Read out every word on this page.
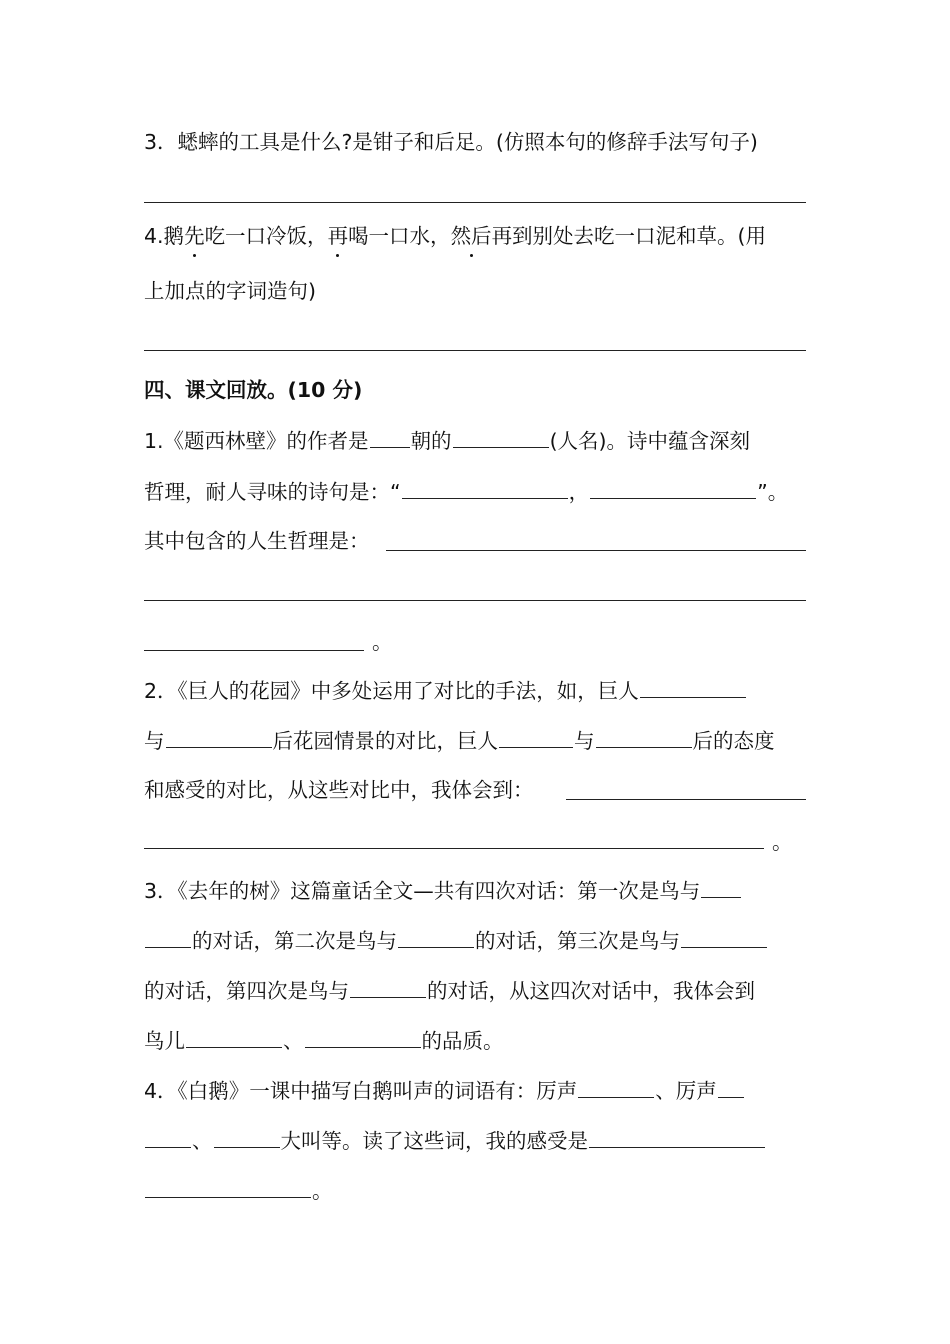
3．蟋蟀的工具是什么?是钳子和后足。(仿照本句的修辞手法写句子)
4.鹅先吃一口冷饭，再喝一口水，然后再到别处去吃一口泥和草。(用
上加点的字词造句)
四、课文回放。(10 分)
1.《题西林壁》的作者是 朝的	(人名)。诗中蕴含深刻
哲理，耐人寻味的诗句是：“	，	”。
其中包含的人生哲理是：
。
2．《巨人的花园》中多处运用了对比的手法，如，巨人
与	后花园情景的对比，巨人	与	后的态度
和感受的对比，从这些对比中，我体会到：
。
3．《去年的树》这篇童话全文—共有四次对话：第一次是鸟与
的对话，第二次是鸟与	的对话，第三次是鸟与
的对话，第四次是鸟与	的对话，从这四次对话中，我体会到
鸟儿	、	的品质。
4．《白鹅》一课中描写白鹅叫声的词语有：厉声	、厉声
、	大叫等。读了这些词，我的感受是
。
